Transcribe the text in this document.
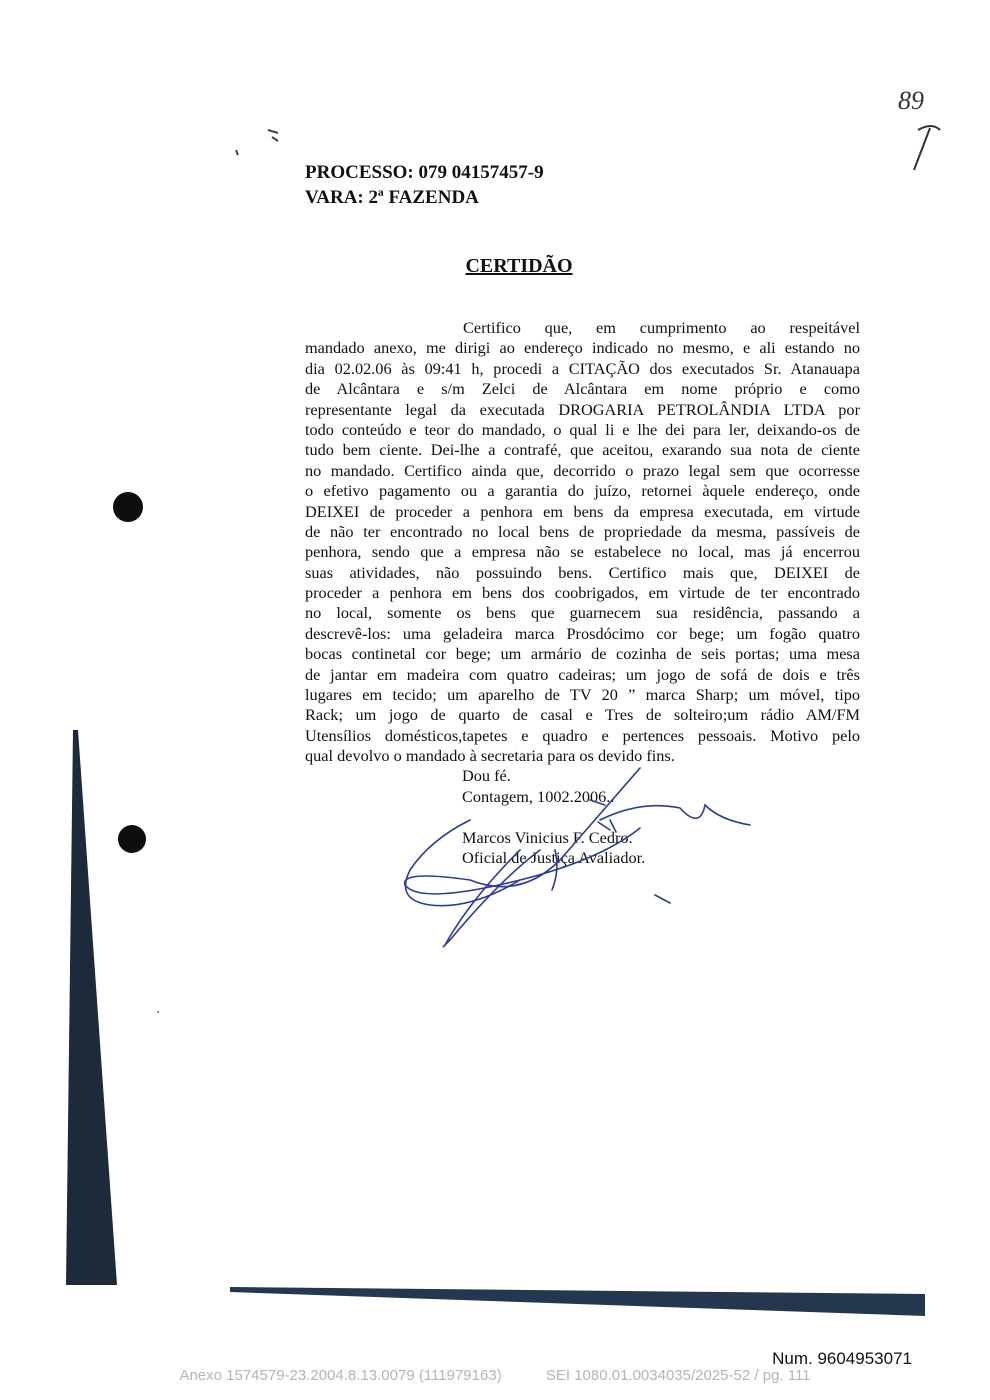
89
PROCESSO: 079 04157457-9
VARA: 2ª FAZENDA
CERTIDÃO
Certifico que, em cumprimento ao respeitável
mandado anexo, me dirigi ao endereço indicado no mesmo, e ali estando no
dia 02.02.06 às 09:41 h, procedi a CITAÇÃO dos executados Sr. Atanauapa
de Alcântara e s/m Zelci de Alcântara em nome próprio e como
representante legal da executada DROGARIA PETROLÂNDIA LTDA por
todo conteúdo e teor do mandado, o qual li e lhe dei para ler, deixando-os de
tudo bem ciente. Dei-lhe a contrafé, que aceitou, exarando sua nota de ciente
no mandado. Certifico ainda que, decorrido o prazo legal sem que ocorresse
o efetivo pagamento ou a garantia do juízo, retornei àquele endereço, onde
DEIXEI de proceder a penhora em bens da empresa executada, em virtude
de não ter encontrado no local bens de propriedade da mesma, passíveis de
penhora, sendo que a empresa não se estabelece no local, mas já encerrou
suas atividades, não possuindo bens. Certifico mais que, DEIXEI de
proceder a penhora em bens dos coobrigados, em virtude de ter encontrado
no local, somente os bens que guarnecem sua residência, passando a
descrevê-los: uma geladeira marca Prosdócimo cor bege; um fogão quatro
bocas continetal cor bege; um armário de cozinha de seis portas; uma mesa
de jantar em madeira com quatro cadeiras; um jogo de sofá de dois e três
lugares em tecido; um aparelho de TV 20 ” marca Sharp; um móvel, tipo
Rack; um jogo de quarto de casal e Tres de solteiro;um rádio AM/FM
Utensílios domésticos,tapetes e quadro e pertences pessoais. Motivo pelo
qual devolvo o mandado à secretaria para os devido fins.
Dou fé.
Contagem, 1002.2006..
Marcos Vinicius F. Cedro.
Oficial de Justiça Avaliador.
Num. 9604953071
Anexo 1574579-23.2004.8.13.0079 (111979163)	SEI 1080.01.0034035/2025-52 / pg. 111
